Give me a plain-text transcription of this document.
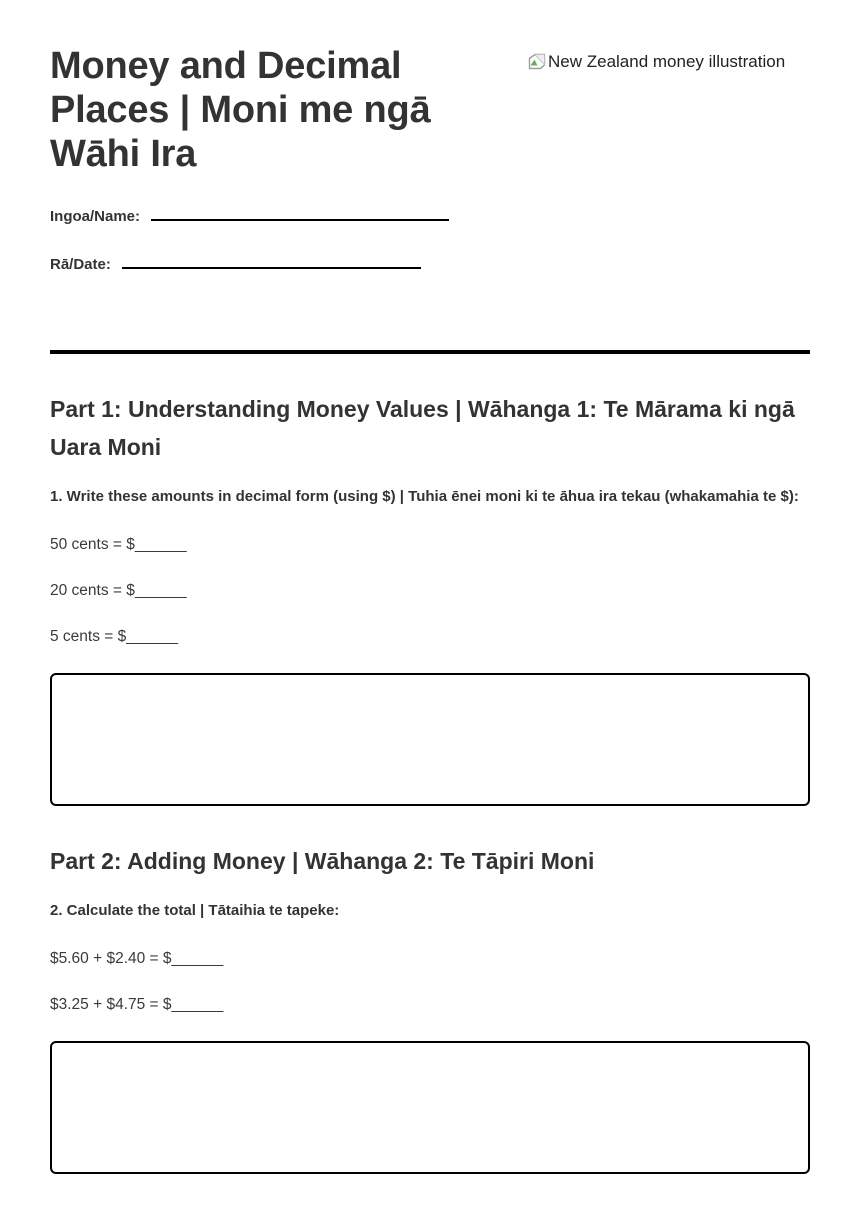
Money and Decimal Places | Moni me ngā Wāhi Ira
New Zealand money illustration
Ingoa/Name:
Rā/Date:
Part 1: Understanding Money Values | Wāhanga 1: Te Mārama ki ngā Uara Moni

1. Write these amounts in decimal form (using $) | Tuhia ēnei moni ki te āhua ira tekau (whakamahia te $):

50 cents = $______

20 cents = $______

5 cents = $______

Part 2: Adding Money | Wāhanga 2: Te Tāpiri Moni

2. Calculate the total | Tātaihia te tapeke:

$5.60 + $2.40 = $______

$3.25 + $4.75 = $______
